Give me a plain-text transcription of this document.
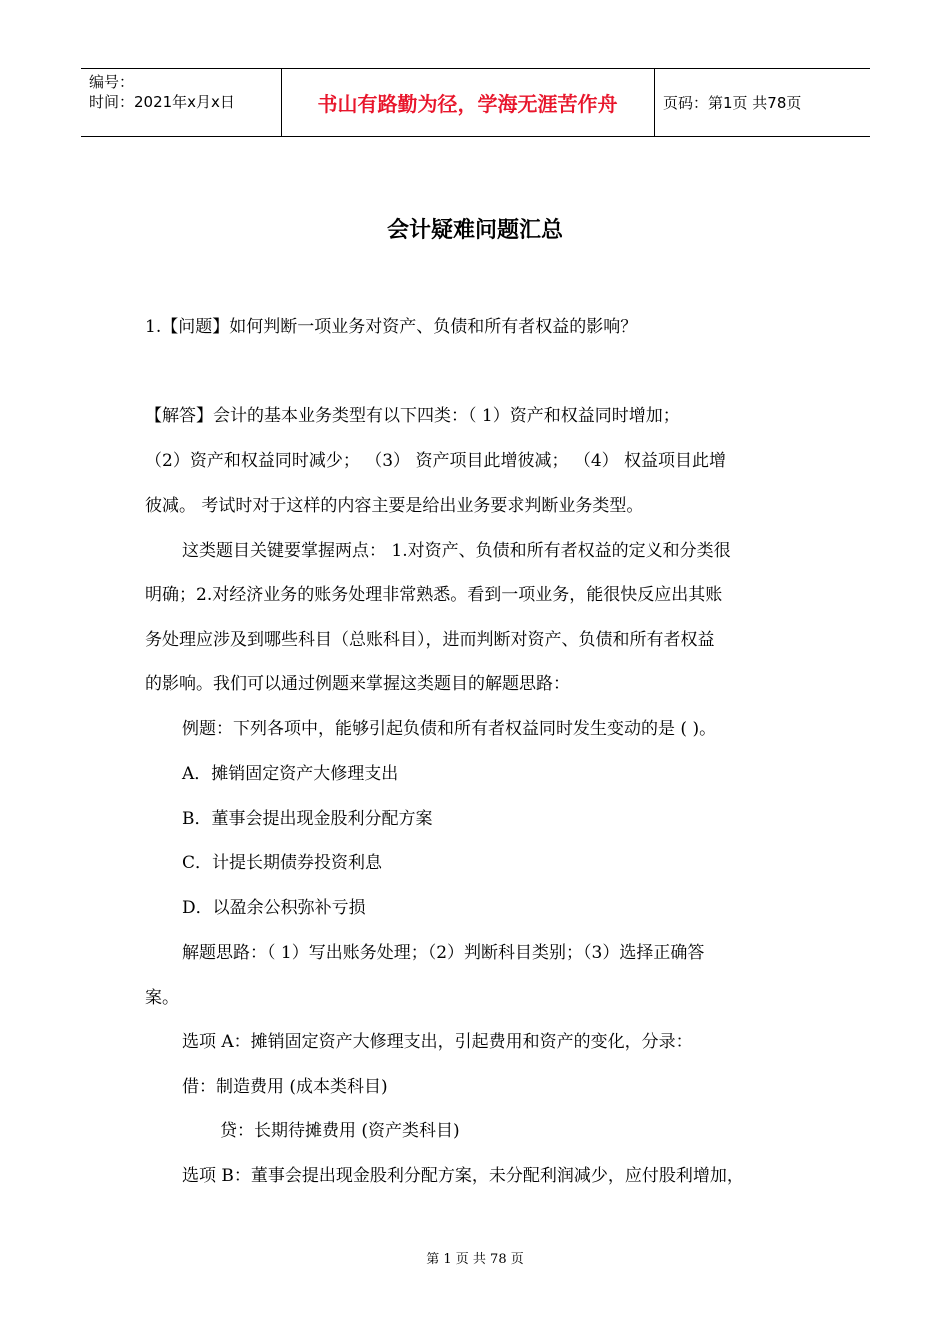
编号：
时间：2021年x月x日	书山有路勤为径，学海无涯苦作舟	页码：第1页 共78页
会计疑难问题汇总
1.【问题】如何判断一项业务对资产、负债和所有者权益的影响？
【解答】会计的基本业务类型有以下四类：（ 1）资产和权益同时增加；
（2）资产和权益同时减少； （3） 资产项目此增彼减； （4） 权益项目此增
彼减。 考试时对于这样的内容主要是给出业务要求判断业务类型。
这类题目关键要掌握两点： 1.对资产、负债和所有者权益的定义和分类很
明确；2.对经济业务的账务处理非常熟悉。看到一项业务，能很快反应出其账
务处理应涉及到哪些科目（总账科目），进而判断对资产、负债和所有者权益
的影响。我们可以通过例题来掌握这类题目的解题思路：
例题：下列各项中，能够引起负债和所有者权益同时发生变动的是 ( )。
A．摊销固定资产大修理支出
B．董事会提出现金股利分配方案
C．计提长期债券投资利息
D．以盈余公积弥补亏损
解题思路：（ 1）写出账务处理；（2）判断科目类别；（3）选择正确答
案。
选项 A：摊销固定资产大修理支出，引起费用和资产的变化，分录：
借：制造费用 (成本类科目)
贷：长期待摊费用 (资产类科目)
选项 B：董事会提出现金股利分配方案，未分配利润减少，应付股利增加，
第 1 页 共 78 页
